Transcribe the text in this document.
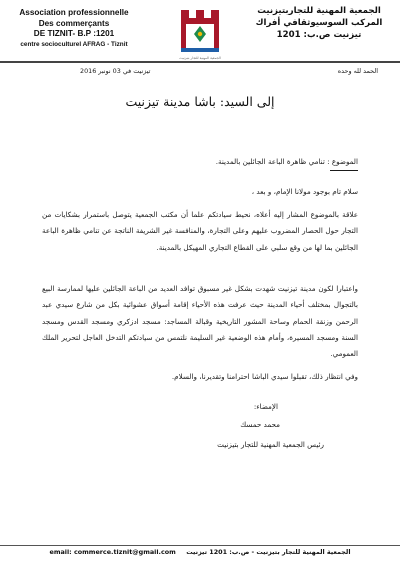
Association professionnelle
Des commerçants
DE TIZNIT- B.P :1201
centre socioculturel AFRAG - Tiznit
الجمعية المهنية للتجار بتيزنيت
الجمعية المهنية للتجاربتيزنيت
المركب السوسيوثقافي أفراك
تيزنيت ص.ب: 1201
الحمد لله وحده
تيزنيت في 03 نونبر 2016
إلى السيد: باشا مدينة تيزنيت
الموضوع : تنامي ظاهرة الباعة الجائلين بالمدينة.
سلام تام بوجود مولانا الإمام، و بعد ،
علاقة بالموضوع المشار إليه أعلاه، نحيط سيادتكم علما أن مكتب الجمعية يتوصل باستمرار بشكايات من التجار حول الحصار المضروب عليهم وعلى التجارة، والمنافسة غير الشريفة الناتجة عن تنامي ظاهرة الباعة الجائلين بما لها من وقع سلبي على القطاع التجاري المهيكل بالمدينة.
واعتبارا لكون مدينة تيزنيت شهدت بشكل غير مسبوق توافد العديد من الباعة الجائلين عليها لممارسة البيع بالتجوال بمختلف أحياء المدينة حيث عرفت هذه الأحياء إقامة أسواق عشوائية بكل من شارع سيدي عبد الرحمن وزنقة الحمام وساحة المشور التاريخية وقبالة المساجد: مسجد ادزكري ومسجد القدس ومسجد السنة ومسجد المسيرة، وأمام هذه الوضعية غير السليمة نلتمس من سيادتكم التدخل العاجل لتحرير الملك العمومي.
وفي انتظار ذلك، تقبلوا سيدي الباشا احترامنا وتقديرنا، والسلام.
الإمضاء:
محمد حمسك
رئيس الجمعية المهنية للتجار بتيزنيت
email: commerce.tiznit@gmail.com الجمعية المهنية للتجار بتيزنيت - ص.ب: 1201 تيزنيت
